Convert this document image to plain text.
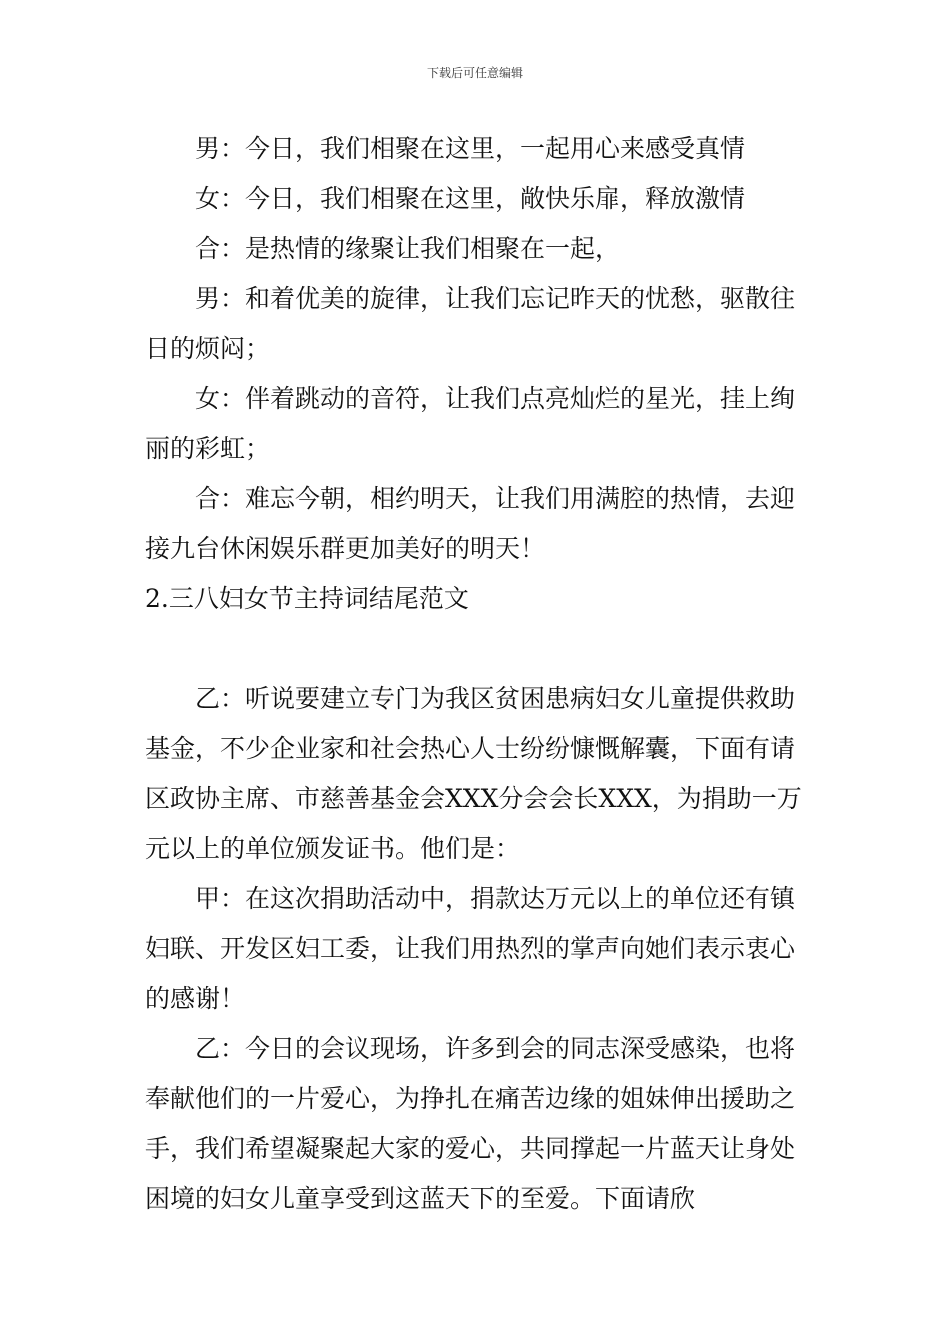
下载后可任意编辑

男：今日，我们相聚在这里，一起用心来感受真情

女：今日，我们相聚在这里，敞快乐扉，释放激情

合：是热情的缘聚让我们相聚在一起，

男：和着优美的旋律，让我们忘记昨天的忧愁，驱散往日的烦闷；

女：伴着跳动的音符，让我们点亮灿烂的星光，挂上绚丽的彩虹；

合：难忘今朝，相约明天，让我们用满腔的热情，去迎接九台休闲娱乐群更加美好的明天！

2.三八妇女节主持词结尾范文

乙：听说要建立专门为我区贫困患病妇女儿童提供救助基金，不少企业家和社会热心人士纷纷慷慨解囊，下面有请区政协主席、市慈善基金会XXX分会会长XXX，为捐助一万元以上的单位颁发证书。他们是：

甲：在这次捐助活动中，捐款达万元以上的单位还有镇妇联、开发区妇工委，让我们用热烈的掌声向她们表示衷心的感谢！

乙：今日的会议现场，许多到会的同志深受感染，也将奉献他们的一片爱心，为挣扎在痛苦边缘的姐妹伸出援助之手，我们希望凝聚起大家的爱心，共同撑起一片蓝天让身处困境的妇女儿童享受到这蓝天下的至爱。下面请欣
